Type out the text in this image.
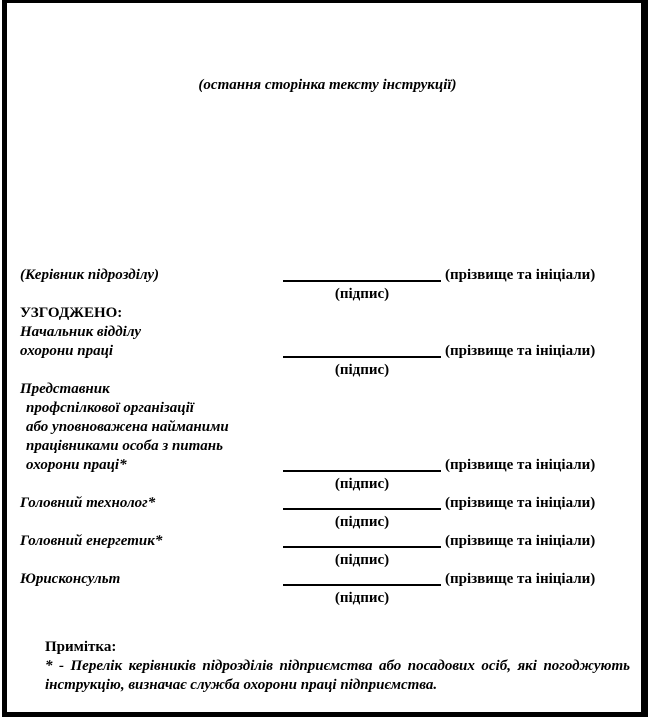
(остання сторінка тексту інструкції)
(Керівник підрозділу)	(прізвище та ініціали)
(підпис)
УЗГОДЖЕНО:
Начальник відділу
охорони праці	(прізвище та ініціали)
(підпис)
Представник
профспілкової організації
або уповноважена найманими
працівниками особа з питань
охорони праці*	(прізвище та ініціали)
(підпис)
Головний технолог*	(прізвище та ініціали)
(підпис)
Головний енергетик*	(прізвище та ініціали)
(підпис)
Юрисконсульт	(прізвище та ініціали)
(підпис)
Примітка:
* - Перелік керівників підрозділів підприємства або посадових осіб, які погоджують інструкцію, визначає служба охорони праці підприємства.
